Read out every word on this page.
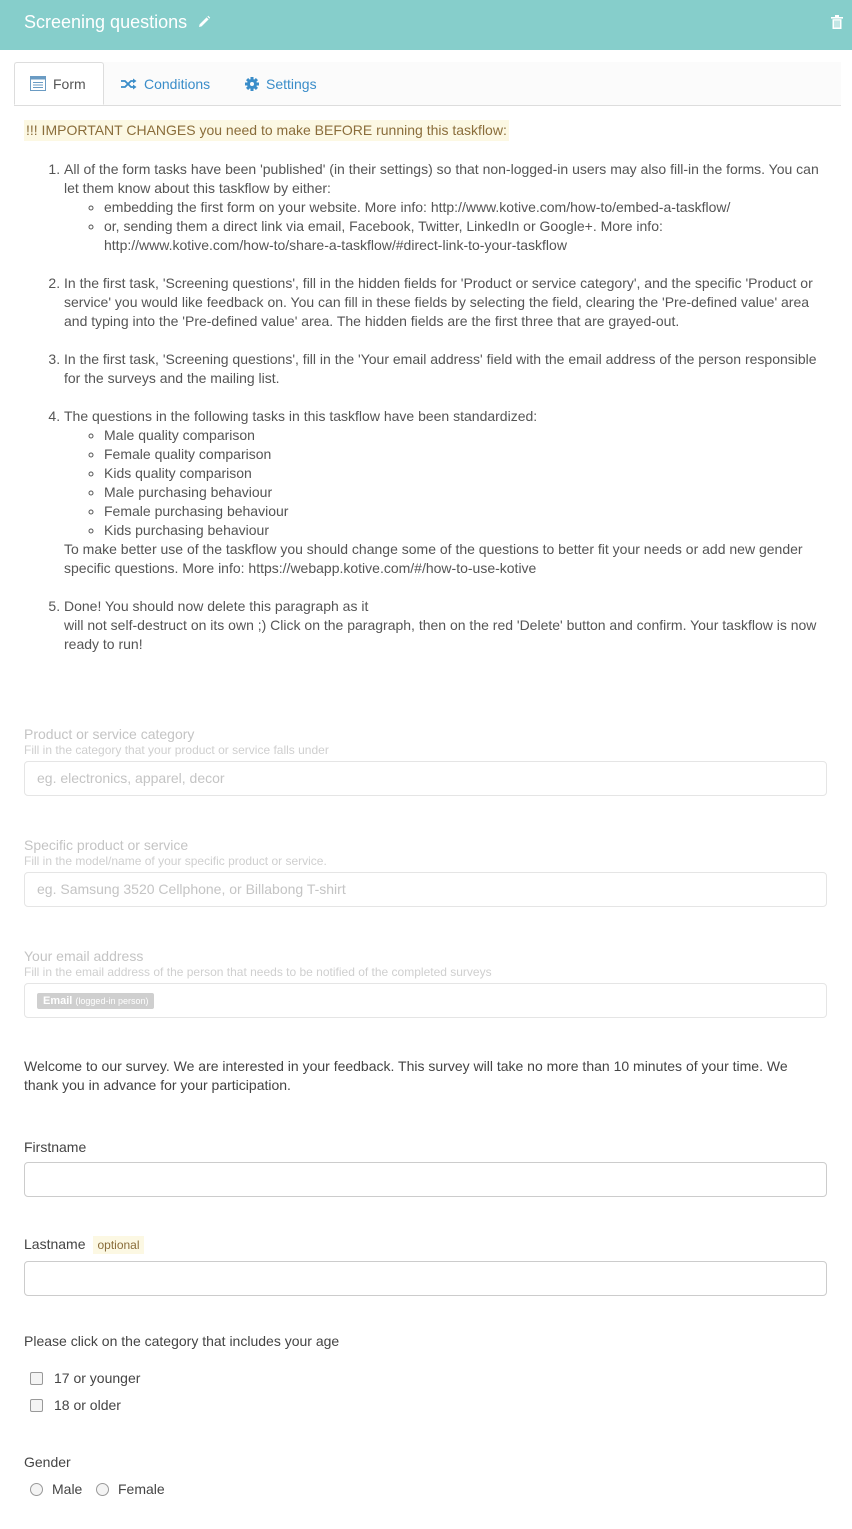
Screening questions
Form	Conditions	Settings
!!! IMPORTANT CHANGES you need to make BEFORE running this taskflow:
1. All of the form tasks have been 'published' (in their settings) so that non-logged-in users may also fill-in the forms. You can let them know about this taskflow by either:
◦ embedding the first form on your website. More info: http://www.kotive.com/how-to/embed-a-taskflow/
◦ or, sending them a direct link via email, Facebook, Twitter, LinkedIn or Google+. More info: http://www.kotive.com/how-to/share-a-taskflow/#direct-link-to-your-taskflow
2. In the first task, 'Screening questions', fill in the hidden fields for 'Product or service category', and the specific 'Product or service' you would like feedback on. You can fill in these fields by selecting the field, clearing the 'Pre-defined value' area and typing into the 'Pre-defined value' area. The hidden fields are the first three that are grayed-out.
3. In the first task, 'Screening questions', fill in the 'Your email address' field with the email address of the person responsible for the surveys and the mailing list.
4. The questions in the following tasks in this taskflow have been standardized:
◦ Male quality comparison
◦ Female quality comparison
◦ Kids quality comparison
◦ Male purchasing behaviour
◦ Female purchasing behaviour
◦ Kids purchasing behaviour
To make better use of the taskflow you should change some of the questions to better fit your needs or add new gender specific questions. More info: https://webapp.kotive.com/#/how-to-use-kotive
5. Done! You should now delete this paragraph as it
will not self-destruct on its own ;) Click on the paragraph, then on the red 'Delete' button and confirm. Your taskflow is now ready to run!
Product or service category
Fill in the category that your product or service falls under
eg. electronics, apparel, decor
Specific product or service
Fill in the model/name of your specific product or service.
eg. Samsung 3520 Cellphone, or Billabong T-shirt
Your email address
Fill in the email address of the person that needs to be notified of the completed surveys
Email (logged-in person)
Welcome to our survey. We are interested in your feedback. This survey will take no more than 10 minutes of your time. We thank you in advance for your participation.
Firstname
Lastname optional
Please click on the category that includes your age
17 or younger
18 or older
Gender
Male	Female
